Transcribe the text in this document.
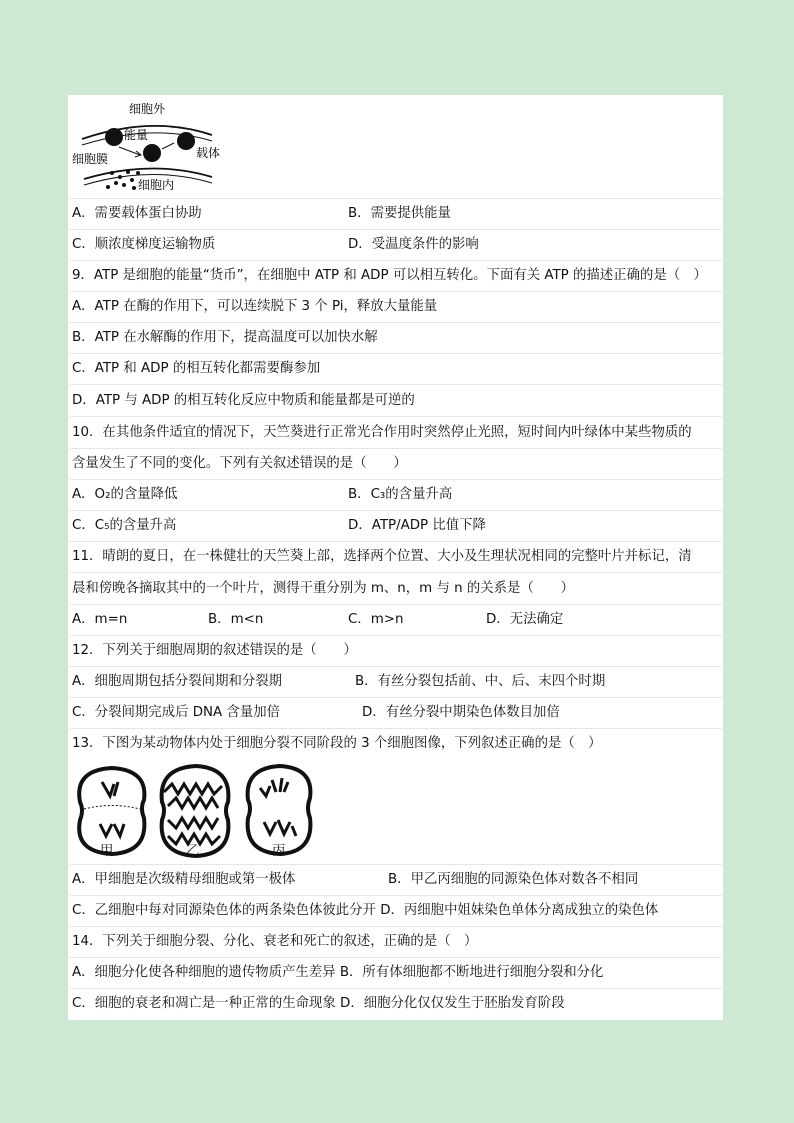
细胞外
能量
载体
细胞膜
细胞内
A．需要载体蛋白协助	B．需要提供能量
C．顺浓度梯度运输物质	D．受温度条件的影响
9．ATP 是细胞的能量“货币”，在细胞中 ATP 和 ADP 可以相互转化。下面有关 ATP 的描述正确的是（　）
A．ATP 在酶的作用下，可以连续脱下 3 个 Pi，释放大量能量
B．ATP 在水解酶的作用下，提高温度可以加快水解
C．ATP 和 ADP 的相互转化都需要酶参加
D．ATP 与 ADP 的相互转化反应中物质和能量都是可逆的
10．在其他条件适宜的情况下，天竺葵进行正常光合作用时突然停止光照，短时间内叶绿体中某些物质的
含量发生了不同的变化。下列有关叙述错误的是（　　）
A．O₂的含量降低	B．C₃的含量升高
C．C₅的含量升高	D．ATP/ADP 比值下降
11．晴朗的夏日，在一株健壮的天竺葵上部，选择两个位置、大小及生理状况相同的完整叶片并标记，清
晨和傍晚各摘取其中的一个叶片，测得干重分别为 m、n，m 与 n 的关系是（　　）
A．m=n	B．m<n	C．m>n	D．无法确定
12．下列关于细胞周期的叙述错误的是（　　）
A．细胞周期包括分裂间期和分裂期	B．有丝分裂包括前、中、后、末四个时期
C．分裂间期完成后 DNA 含量加倍	D．有丝分裂中期染色体数目加倍
13．下图为某动物体内处于细胞分裂不同阶段的 3 个细胞图像，下列叙述正确的是（　）
甲	乙	丙
A．甲细胞是次级精母细胞或第一极体	B．甲乙丙细胞的同源染色体对数各不相同
C．乙细胞中每对同源染色体的两条染色体彼此分开 D．丙细胞中姐妹染色单体分离成独立的染色体
14．下列关于细胞分裂、分化、衰老和死亡的叙述，正确的是（　）
A．细胞分化使各种细胞的遗传物质产生差异 B．所有体细胞都不断地进行细胞分裂和分化
C．细胞的衰老和凋亡是一种正常的生命现象 D．细胞分化仅仅发生于胚胎发育阶段
